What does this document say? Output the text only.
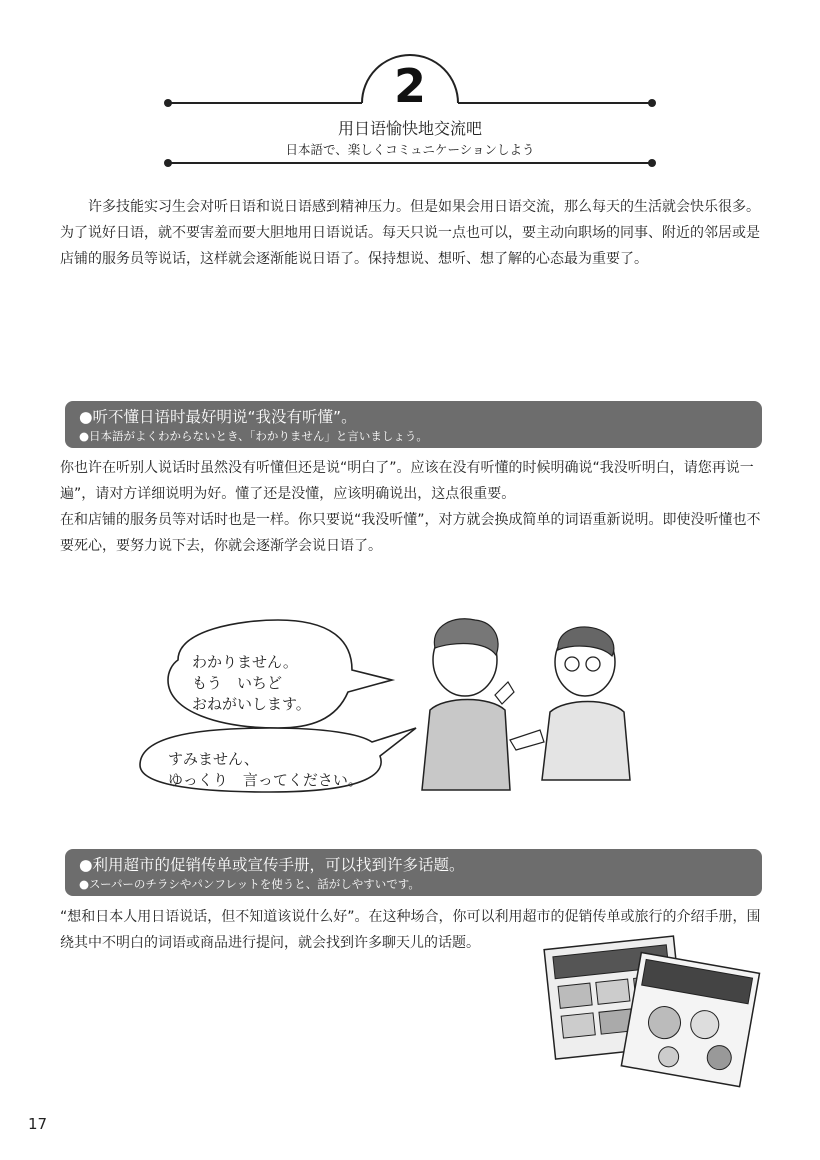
2
用日语愉快地交流吧
日本語で、楽しくコミュニケーションしよう

许多技能实习生会对听日语和说日语感到精神压力。但是如果会用日语交流，那么每天的生活就会快乐很多。为了说好日语，就不要害羞而要大胆地用日语说话。每天只说一点也可以，要主动向职场的同事、附近的邻居或是店铺的服务员等说话，这样就会逐渐能说日语了。保持想说、想听、想了解的心态最为重要了。

●听不懂日语时最好明说“我没有听懂”。
●日本語がよくわからないとき、「わかりません」と言いましょう。

你也许在听别人说话时虽然没有听懂但还是说“明白了”。应该在没有听懂的时候明确说“我没听明白，请您再说一遍”，请对方详细说明为好。懂了还是没懂，应该明确说出，这点很重要。

在和店铺的服务员等对话时也是一样。你只要说“我没听懂”，对方就会换成简单的词语重新说明。即使没听懂也不要死心，要努力说下去，你就会逐渐学会说日语了。

わかりません。
もう　いちど
おねがいします。
すみません、
ゆっくり　言ってください。
●利用超市的促销传单或宣传手册，可以找到许多话题。
●スーパーのチラシやパンフレットを使うと、話がしやすいです。

“想和日本人用日语说话，但不知道该说什么好”。在这种场合，你可以利用超市的促销传单或旅行的介绍手册，围绕其中不明白的词语或商品进行提问，就会找到许多聊天儿的话题。

17
